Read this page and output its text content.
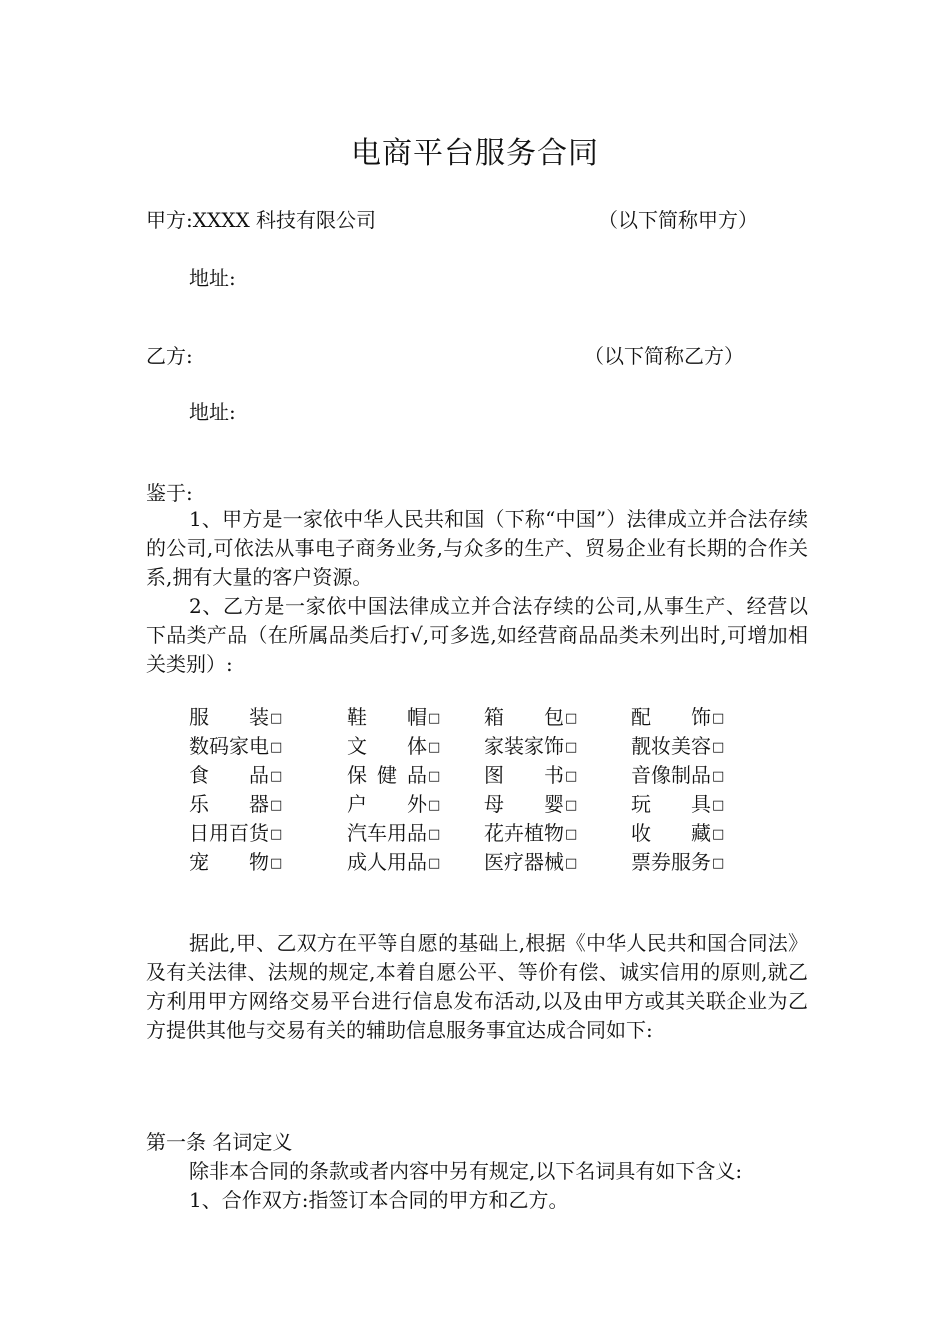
电商平台服务合同
甲方:XXXX 科技有限公司	（以下简称甲方）
地址:
乙方:	（以下简称乙方）
地址:
鉴于:
1、甲方是一家依中华人民共和国（下称“中国”）法律成立并合法存续的公司,可依法从事电子商务业务,与众多的生产、贸易企业有长期的合作关系,拥有大量的客户资源。
2、乙方是一家依中国法律成立并合法存续的公司,从事生产、经营以下品类产品（在所属品类后打√,可多选,如经营商品品类未列出时,可增加相关类别）:
服装□	鞋帽□ 箱包□	配饰□
数码家电□	文体□ 家装家饰□	靓妆美容□
食品□	保健品□ 图书□	音像制品□
乐器□	户外□ 母婴□	玩具□
日用百货□	汽车用品□ 花卉植物□	收藏□
宠物□	成人用品□ 医疗器械□	票券服务□
据此,甲、乙双方在平等自愿的基础上,根据《中华人民共和国合同法》及有关法律、法规的规定,本着自愿公平、等价有偿、诚实信用的原则,就乙方利用甲方网络交易平台进行信息发布活动,以及由甲方或其关联企业为乙方提供其他与交易有关的辅助信息服务事宜达成合同如下:
第一条 名词定义
除非本合同的条款或者内容中另有规定,以下名词具有如下含义:
1、合作双方:指签订本合同的甲方和乙方。
